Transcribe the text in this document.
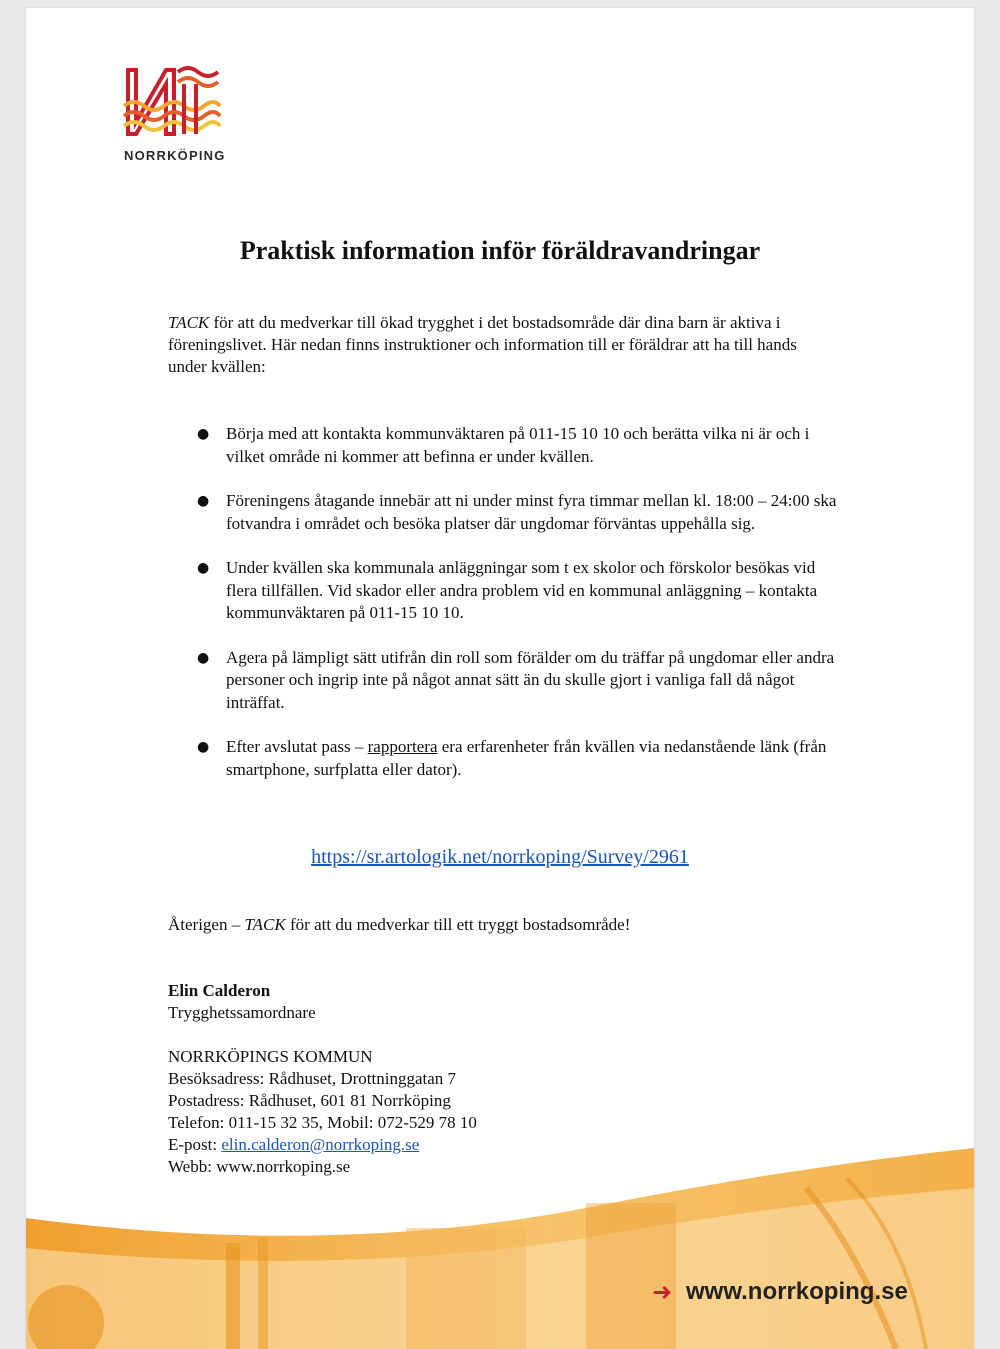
NORRKÖPING
Praktisk information inför föräldravandringar

TACK för att du medverkar till ökad trygghet i det bostadsområde där dina barn är aktiva i föreningslivet. Här nedan finns instruktioner och information till er föräldrar att ha till hands under kvällen:

● Börja med att kontakta kommunväktaren på 011-15 10 10 och berätta vilka ni är och i vilket område ni kommer att befinna er under kvällen.
● Föreningens åtagande innebär att ni under minst fyra timmar mellan kl. 18:00 – 24:00 ska fotvandra i området och besöka platser där ungdomar förväntas uppehålla sig.
● Under kvällen ska kommunala anläggningar som t ex skolor och förskolor besökas vid flera tillfällen. Vid skador eller andra problem vid en kommunal anläggning – kontakta kommunväktaren på 011-15 10 10.
● Agera på lämpligt sätt utifrån din roll som förälder om du träffar på ungdomar eller andra personer och ingrip inte på något annat sätt än du skulle gjort i vanliga fall då något inträffat.
● Efter avslutat pass – rapportera era erfarenheter från kvällen via nedanstående länk (från smartphone, surfplatta eller dator).
https://sr.artologik.net/norrkoping/Survey/2961

Återigen – TACK för att du medverkar till ett tryggt bostadsområde!

Elin Calderon
Trygghetssamordnare
NORRKÖPINGS KOMMUN
Besöksadress: Rådhuset, Drottninggatan 7
Postadress: Rådhuset, 601 81 Norrköping
Telefon: 011-15 32 35, Mobil: 072-529 78 10
E-post: elin.calderon@norrkoping.se
Webb: www.norrkoping.se
➜ www.norrkoping.se
